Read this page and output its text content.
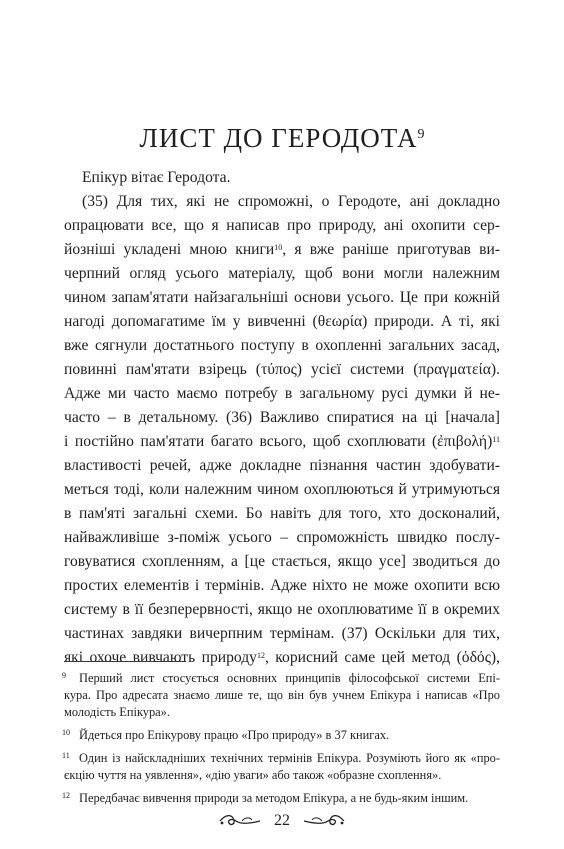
ЛИСТ ДО ГЕРОДОТА$^9$
Епікур вітає Геродота.
(35) Для тих, які не спроможні, о Геродоте, ані докладно
опрацювати все, що я написав про природу, ані охопити сер-
йозніші укладені мною книги$^{10}$, я вже раніше приготував ви-
черпний огляд усього матеріалу, щоб вони могли належним
чином запам'ятати найзагальніші основи усього. Це при кожній
нагоді допомагатиме їм у вивченні (θεωρία) природи. А ті, які
вже сягнули достатнього поступу в охопленні загальних засад,
повинні пам'ятати взірець (τύπος) усієї системи (πραγματεία).
Адже ми часто маємо потребу в загальному русі думки й не-
часто – в детальному. (36) Важливо спиратися на ці [начала]
і постійно пам'ятати багато всього, щоб схоплювати (ἐπιβολή)$^{11}$
властивості речей, адже докладне пізнання частин здобувати-
меться тоді, коли належним чином охоплюються й утримуються
в пам'яті загальні схеми. Бо навіть для того, хто досконалий,
найважливіше з-поміж усього – спроможність швидко послу-
говуватися схопленням, а [це стається, якщо усе] зводиться до
простих елементів і термінів. Адже ніхто не може охопити всю
систему в її безперервності, якщо не охоплюватиме її в окремих
частинах завдяки вичерпним термінам. (37) Оскільки для тих,
які охоче вивчають природу$^{12}$, корисний саме цей метод (ὁδός),
9	Перший лист стосується основних принципів філософської системи Епі-
кура. Про адресата знаємо лише те, що він був учнем Епікура і написав «Про
молодість Епікура».
10 Йдеться про Епікурову працю «Про природу» в 37 книгах.
11 Один із найскладніших технічних термінів Епікура. Розуміють його як «про-
єкцію чуття на уявлення», «дію уваги» або також «образне схоплення».
12 Передбачає вивчення природи за методом Епікура, а не будь-яким іншим.
22
